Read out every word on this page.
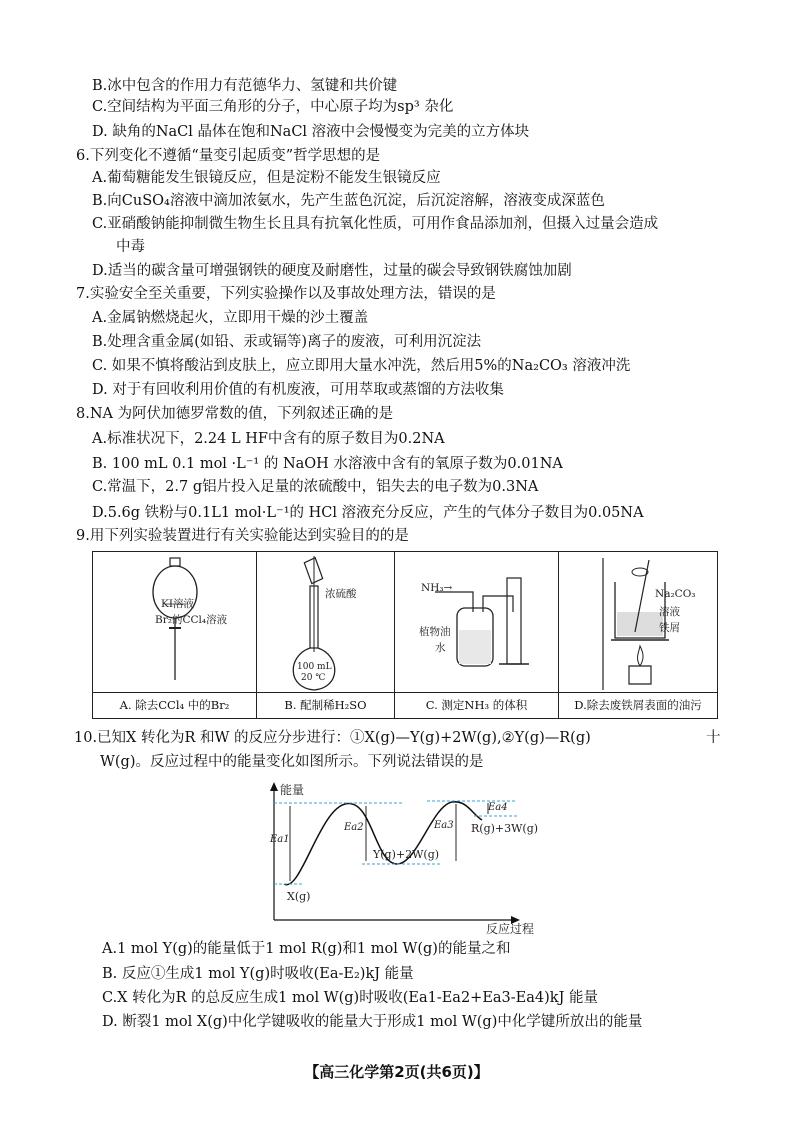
B.冰中包含的作用力有范德华力、氢键和共价键
C.空间结构为平面三角形的分子，中心原子均为sp³ 杂化
D. 缺角的NaCl 晶体在饱和NaCl 溶液中会慢慢变为完美的立方体块
6.下列变化不遵循“量变引起质变”哲学思想的是
A.葡萄糖能发生银镜反应，但是淀粉不能发生银镜反应
B.向CuSO₄溶液中滴加浓氨水，先产生蓝色沉淀，后沉淀溶解，溶液变成深蓝色
C.亚硝酸钠能抑制微生物生长且具有抗氧化性质，可用作食品添加剂，但摄入过量会造成
中毒
D.适当的碳含量可增强钢铁的硬度及耐磨性，过量的碳会导致钢铁腐蚀加剧
7.实验安全至关重要，下列实验操作以及事故处理方法，错误的是
A.金属钠燃烧起火，立即用干燥的沙土覆盖
B.处理含重金属(如铅、汞或镉等)离子的废液，可利用沉淀法
C. 如果不慎将酸沾到皮肤上，应立即用大量水冲洗，然后用5%的Na₂CO₃ 溶液冲洗
D. 对于有回收利用价值的有机废液，可用萃取或蒸馏的方法收集
8.NA 为阿伏加德罗常数的值，下列叙述正确的是
A.标准状况下，2.24 L HF中含有的原子数目为0.2NA
B. 100 mL 0.1 mol ·L⁻¹ 的 NaOH 水溶液中含有的氧原子数为0.01NA
C.常温下，2.7 g铝片投入足量的浓硫酸中，铝失去的电子数为0.3NA
D.5.6g 铁粉与0.1L1 mol·L⁻¹的 HCl 溶液充分反应，产生的气体分子数目为0.05NA
9.用下列实验装置进行有关实验能达到实验目的的是
KI溶液
Br₂的CCl₄溶液
A. 除去CCl₄ 中的Br₂
浓硫酸
100 mL
20 ℃
B. 配制稀H₂SO
NH₃→
植物油
水
C. 测定NH₃ 的体积
Na₂CO₃
溶液
铁屑
D.除去废铁屑表面的油污
10.已知X 转化为R 和W 的反应分步进行：①X(g)—Y(g)+2W(g),②Y(g)—R(g)	十
W(g)。反应过程中的能量变化如图所示。下列说法错误的是
能量
反应过程
X(g)
Y(g)+2W(g)
R(g)+3W(g)
Ea1
Ea2	Ea3
Ea4
A.1 mol Y(g)的能量低于1 mol R(g)和1 mol W(g)的能量之和
B. 反应①生成1 mol Y(g)时吸收(Ea-E₂)kJ 能量
C.X 转化为R 的总反应生成1 mol W(g)时吸收(Ea1-Ea2+Ea3-Ea4)kJ 能量
D. 断裂1 mol X(g)中化学键吸收的能量大于形成1 mol W(g)中化学键所放出的能量
【高三化学第2页(共6页)】
